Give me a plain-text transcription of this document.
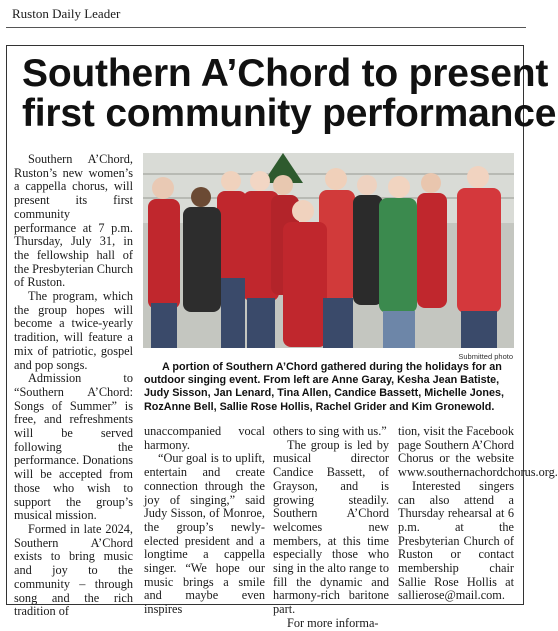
Ruston Daily Leader
Southern A’Chord to present
first community performance

Southern A’Chord, Ruston’s new women’s a cappella chorus, will present its first community performance at 7 p.m. Thursday, July 31, in the fellowship hall of the Presbyterian Church of Ruston.

The program, which the group hopes will become a twice-yearly tradition, will feature a mix of patriotic, gospel and pop songs.

Admission to “Southern A’Chord: Songs of Summer” is free, and refreshments will be served following the performance. Donations will be accepted from those who wish to support the group’s musical mission.

Formed in late 2024, Southern A’Chord exists to bring music and joy to the community – through song and the rich tradition of

Submitted photo
A portion of Southern A’Chord gathered during the holidays for an outdoor singing event. From left are Anne Garay, Kesha Jean Batiste, Judy Sisson, Jan Lenard, Tina Allen, Candice Bassett, Michelle Jones, RozAnne Bell, Sallie Rose Hollis, Rachel Grider and Kim Gronewold.

unaccompanied vocal harmony.

“Our goal is to uplift, entertain and create connection through the joy of singing,” said Judy Sisson, of Monroe, the group’s newly-elected president and a longtime a cappella singer. “We hope our music brings a smile and maybe even inspires

others to sing with us.”

The group is led by musical director Candice Bassett, of Grayson, and is growing steadily. Southern A’Chord welcomes new members, at this time especially those who sing in the alto range to fill the dynamic and harmony-rich baritone part.

For more informa-

tion, visit the Facebook page Southern A’Chord Chorus or the website www.southernachordchorus.org.

Interested singers can also attend a Thursday rehearsal at 6 p.m. at the Presbyterian Church of Ruston or contact membership chair Sallie Rose Hollis at sallierose@mail.com.
